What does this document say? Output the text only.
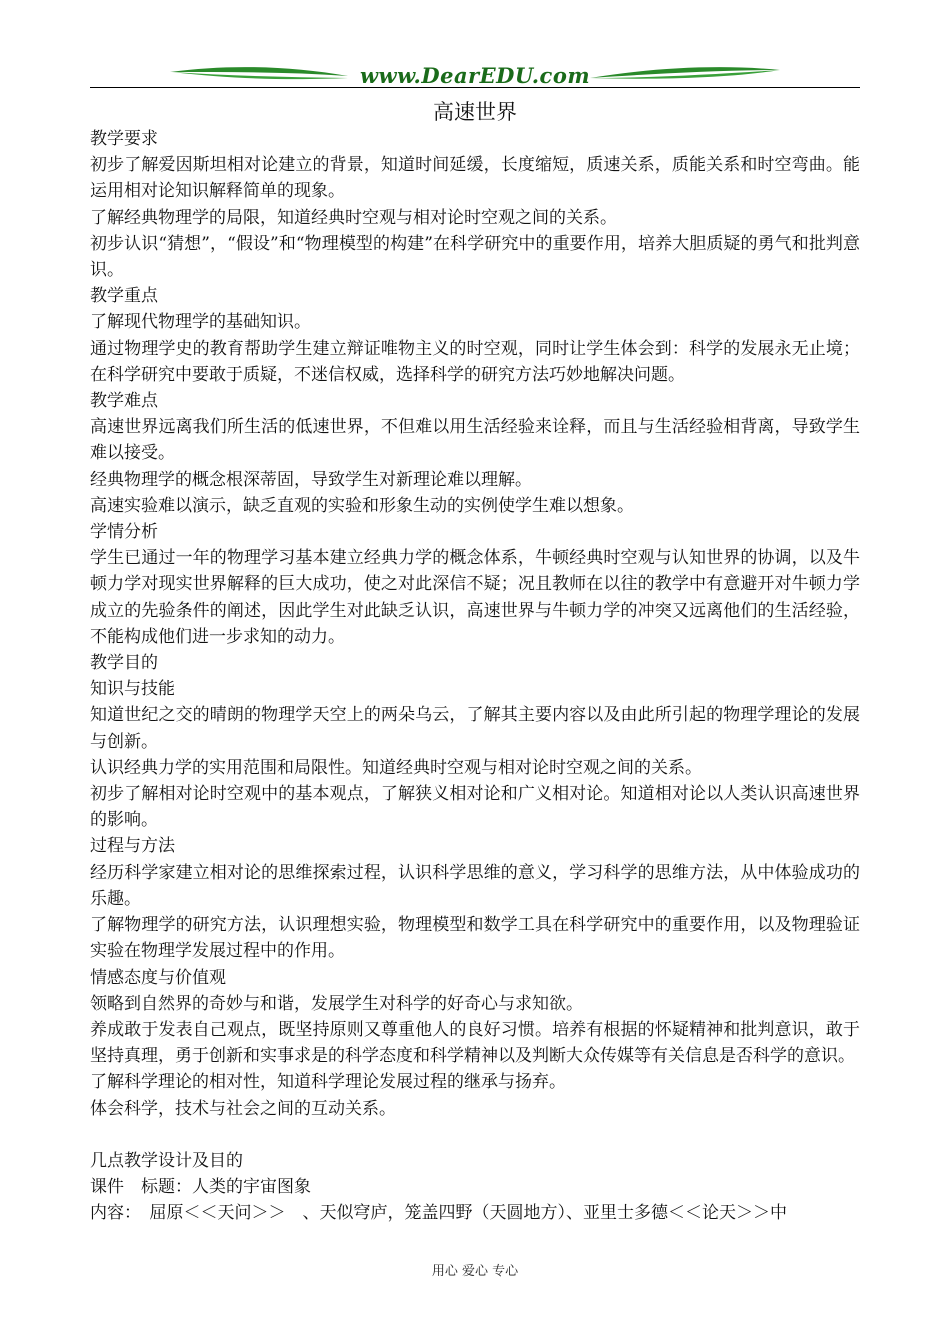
www.DearEDU.com
高速世界

教学要求

初步了解爱因斯坦相对论建立的背景，知道时间延缓，长度缩短，质速关系，质能关系和时空弯曲。能运用相对论知识解释简单的现象。

了解经典物理学的局限，知道经典时空观与相对论时空观之间的关系。

初步认识“猜想”，“假设”和“物理模型的构建”在科学研究中的重要作用，培养大胆质疑的勇气和批判意识。

教学重点

了解现代物理学的基础知识。

通过物理学史的教育帮助学生建立辩证唯物主义的时空观，同时让学生体会到：科学的发展永无止境；在科学研究中要敢于质疑，不迷信权威，选择科学的研究方法巧妙地解决问题。

教学难点

高速世界远离我们所生活的低速世界，不但难以用生活经验来诠释，而且与生活经验相背离，导致学生难以接受。

经典物理学的概念根深蒂固，导致学生对新理论难以理解。

高速实验难以演示，缺乏直观的实验和形象生动的实例使学生难以想象。

学情分析

学生已通过一年的物理学习基本建立经典力学的概念体系，牛顿经典时空观与认知世界的协调，以及牛顿力学对现实世界解释的巨大成功，使之对此深信不疑；况且教师在以往的教学中有意避开对牛顿力学成立的先验条件的阐述，因此学生对此缺乏认识，高速世界与牛顿力学的冲突又远离他们的生活经验，不能构成他们进一步求知的动力。

教学目的

知识与技能

知道世纪之交的晴朗的物理学天空上的两朵乌云，了解其主要内容以及由此所引起的物理学理论的发展与创新。

认识经典力学的实用范围和局限性。知道经典时空观与相对论时空观之间的关系。

初步了解相对论时空观中的基本观点，了解狭义相对论和广义相对论。知道相对论以人类认识高速世界的影响。

过程与方法

经历科学家建立相对论的思维探索过程，认识科学思维的意义，学习科学的思维方法，从中体验成功的乐趣。

了解物理学的研究方法，认识理想实验，物理模型和数学工具在科学研究中的重要作用，以及物理验证实验在物理学发展过程中的作用。

情感态度与价值观

领略到自然界的奇妙与和谐，发展学生对科学的好奇心与求知欲。

养成敢于发表自己观点，既坚持原则又尊重他人的良好习惯。培养有根据的怀疑精神和批判意识，敢于坚持真理，勇于创新和实事求是的科学态度和科学精神以及判断大众传媒等有关信息是否科学的意识。

了解科学理论的相对性，知道科学理论发展过程的继承与扬弃。

体会科学，技术与社会之间的互动关系。

几点教学设计及目的

课件　标题：人类的宇宙图象

内容：　屈原＜＜天问＞＞　、天似穹庐，笼盖四野（天圆地方）、亚里士多德＜＜论天＞＞中

用心 爱心 专心
